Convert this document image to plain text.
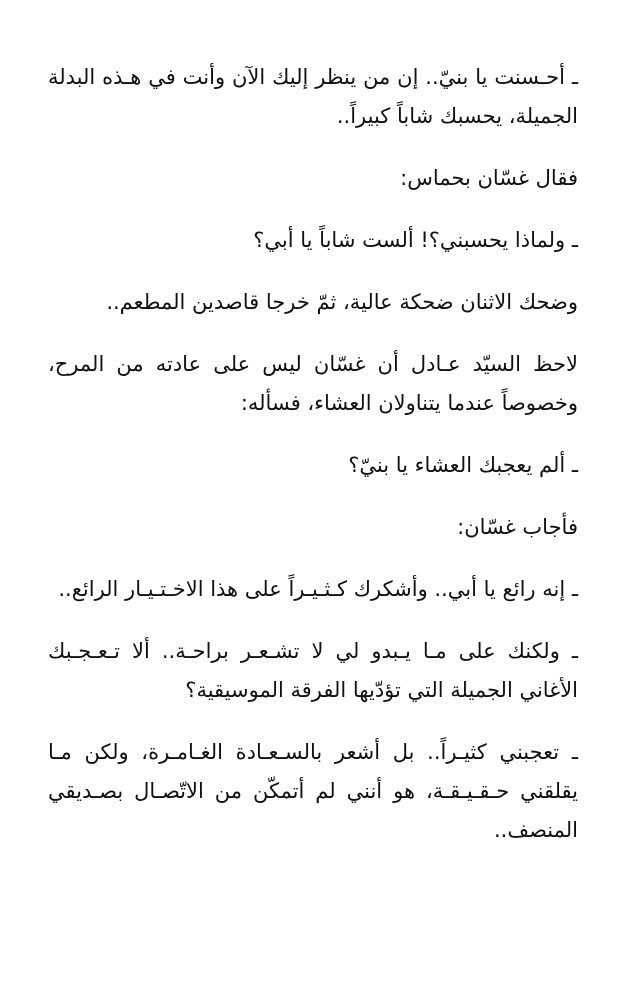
ـ أحـسنت يا بنيّ.. إن من ينظر إليك الآن وأنت في هـذه البدلة الجميلة، يحسبك شاباً كبيراً..

فقال غسّان بحماس:

ـ ولماذا يحسبني؟! ألست شاباً يا أبي؟

وضحك الاثنان ضحكة عالية، ثمّ خرجا قاصدين المطعم..

لاحظ السيّد عـادل أن غسّان ليس على عادته من المرح، وخصوصاً عندما يتناولان العشاء، فسأله:

ـ ألم يعجبك العشاء يا بنيّ؟

فأجاب غسّان:

ـ إنه رائع يا أبي.. وأشكرك كـثـيـراً على هذا الاخـتـيـار الرائع..

ـ ولكنك على مـا يـبدو لي لا تشـعـر براحـة.. ألا تـعـجـبك الأغاني الجميلة التي تؤدّيها الفرقة الموسيقية؟

ـ تعجبني كثيـراً.. بل أشعر بالسـعـادة الغـامـرة، ولكن مـا يقلقني حـقـيـقـة، هو أنني لم أتمكّن من الاتّصـال بصـديقي المنصف..
